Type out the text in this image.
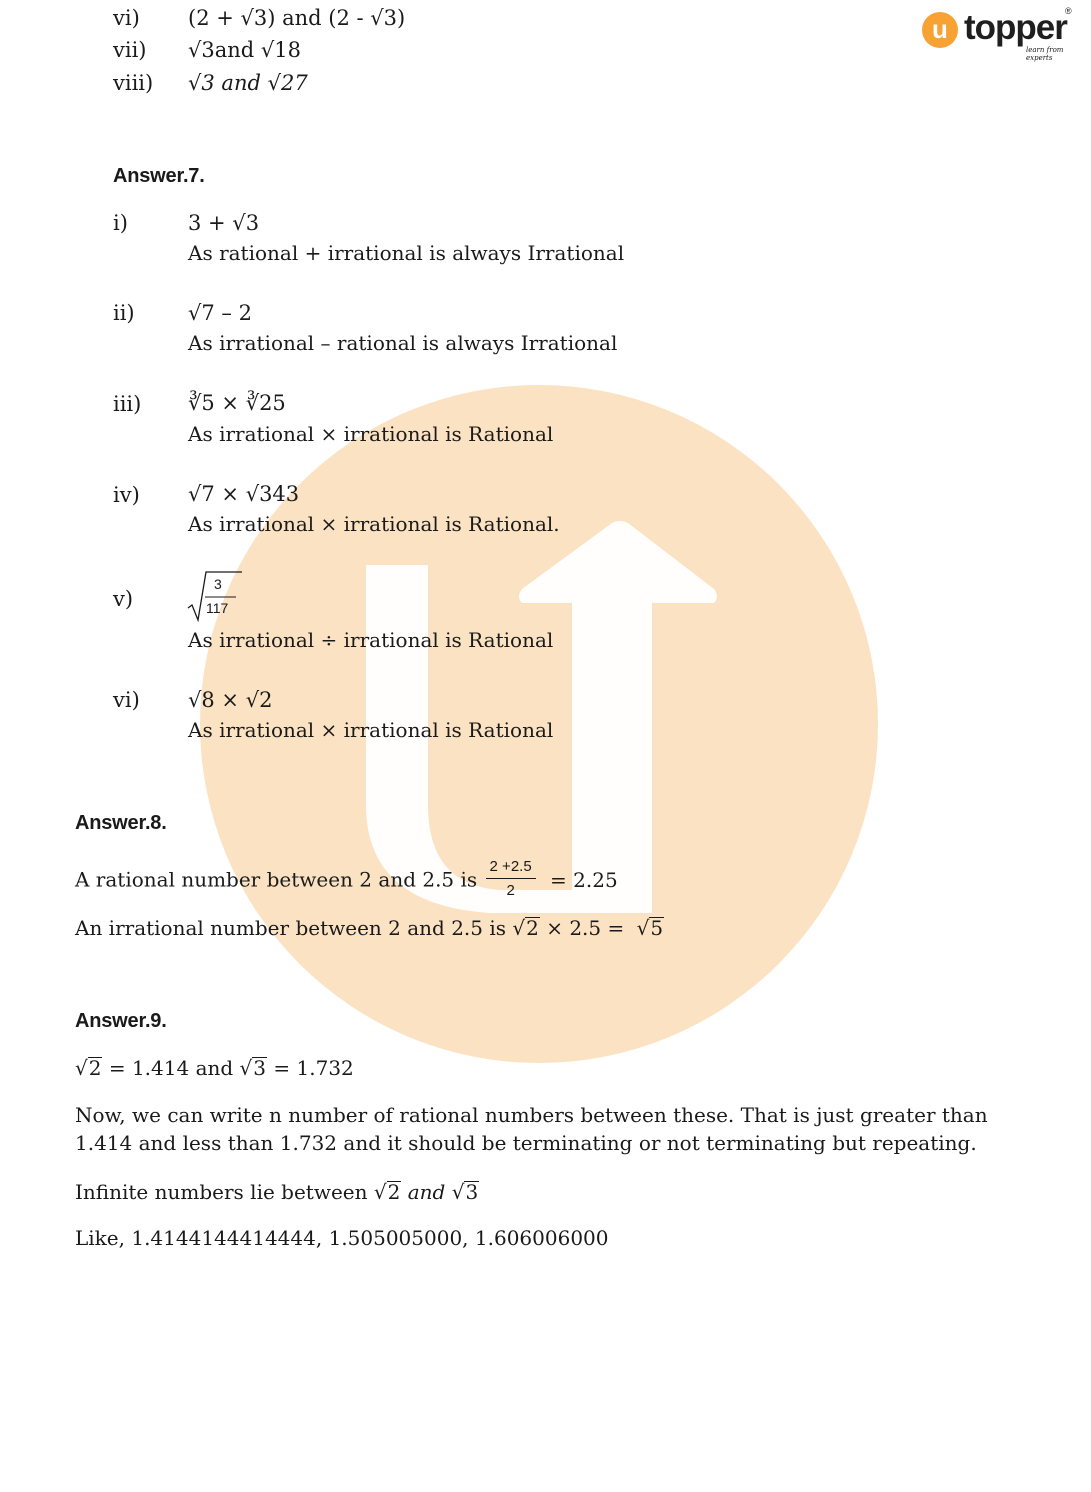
u topper
®
learn from experts
vi) (2 + √3) and (2 - √3)
vii) √3and √18
viii) √3 and √27
Answer.7.
i)	3 + √3
As rational + irrational is always Irrational
ii)	√7 – 2
As irrational – rational is always Irrational
iii) ∛5 × ∛25
As irrational × irrational is Rational
iv) √7 × √343
As irrational × irrational is Rational.
v)
3
117
As irrational ÷ irrational is Rational
vi) √8 × √2
As irrational × irrational is Rational
Answer.8.
A rational number between 2 and 2.5 is $\frac{2 +2.5}{2} = 2.25$
An irrational number between 2 and 2.5 is √2 × 2.5 = √5
Answer.9.
√2 = 1.414 and √3 = 1.732
Now, we can write n number of rational numbers between these. That is just greater than 1.414 and less than 1.732 and it should be terminating or not terminating but repeating.
Infinite numbers lie between √2 and √3
Like, 1.4144144414444, 1.505005000, 1.606006000
